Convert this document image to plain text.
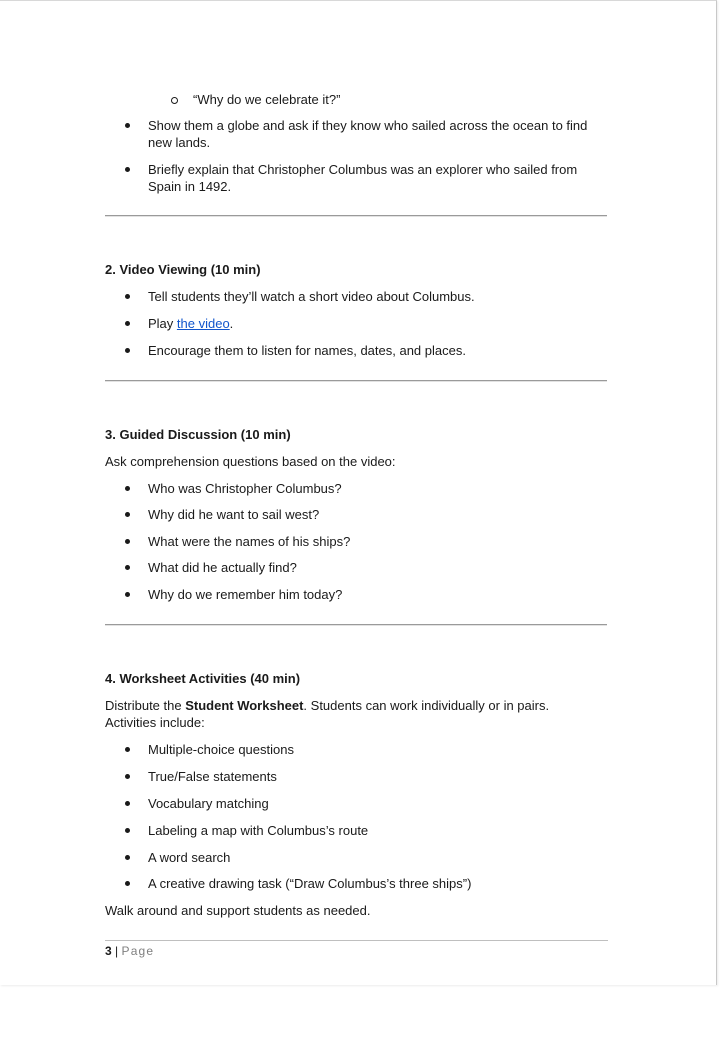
“Why do we celebrate it?”
Show them a globe and ask if they know who sailed across the ocean to find new lands.
Briefly explain that Christopher Columbus was an explorer who sailed from Spain in 1492.
2. Video Viewing (10 min)
Tell students they’ll watch a short video about Columbus.
Play the video.
Encourage them to listen for names, dates, and places.
3. Guided Discussion (10 min)
Ask comprehension questions based on the video:
Who was Christopher Columbus?
Why did he want to sail west?
What were the names of his ships?
What did he actually find?
Why do we remember him today?
4. Worksheet Activities (40 min)
Distribute the Student Worksheet. Students can work individually or in pairs. Activities include:
Multiple-choice questions
True/False statements
Vocabulary matching
Labeling a map with Columbus’s route
A word search
A creative drawing task (“Draw Columbus’s three ships”)
Walk around and support students as needed.
3 | Page
